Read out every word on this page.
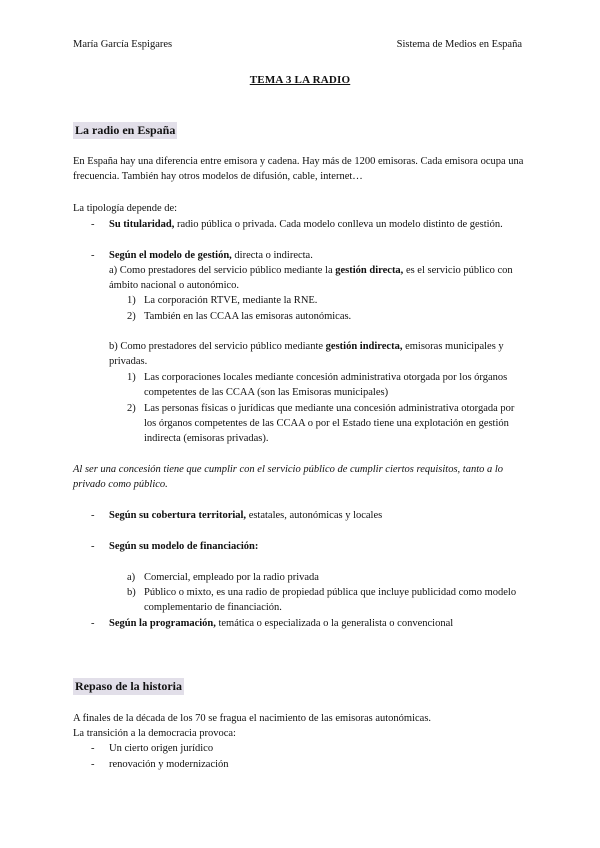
María García Espigares	Sistema de Medios en España
TEMA 3 LA RADIO
La radio en España
En España hay una diferencia entre emisora y cadena. Hay más de 1200 emisoras. Cada emisora ocupa una frecuencia. También hay otros modelos de difusión, cable, internet…
La tipología depende de:
- Su titularidad, radio pública o privada. Cada modelo conlleva un modelo distinto de gestión.
- Según el modelo de gestión, directa o indirecta.
a) Como prestadores del servicio público mediante la gestión directa, es el servicio público con ámbito nacional o autonómico.
1) La corporación RTVE, mediante la RNE.
2) También en las CCAA las emisoras autonómicas.
b) Como prestadores del servicio público mediante gestión indirecta, emisoras municipales y privadas.
1) Las corporaciones locales mediante concesión administrativa otorgada por los órganos competentes de las CCAA (son las Emisoras municipales)
2) Las personas físicas o jurídicas que mediante una concesión administrativa otorgada por los órganos competentes de las CCAA o por el Estado tiene una explotación en gestión indirecta (emisoras privadas).
Al ser una concesión tiene que cumplir con el servicio público de cumplir ciertos requisitos, tanto a lo privado como público.
- Según su cobertura territorial, estatales, autonómicas y locales
- Según su modelo de financiación:
a) Comercial, empleado por la radio privada
b) Público o mixto, es una radio de propiedad pública que incluye publicidad como modelo complementario de financiación.
- Según la programación, temática o especializada o la generalista o convencional
Repaso de la historia
A finales de la década de los 70 se fragua el nacimiento de las emisoras autonómicas.
La transición a la democracia provoca:
- Un cierto origen jurídico
- renovación y modernización
